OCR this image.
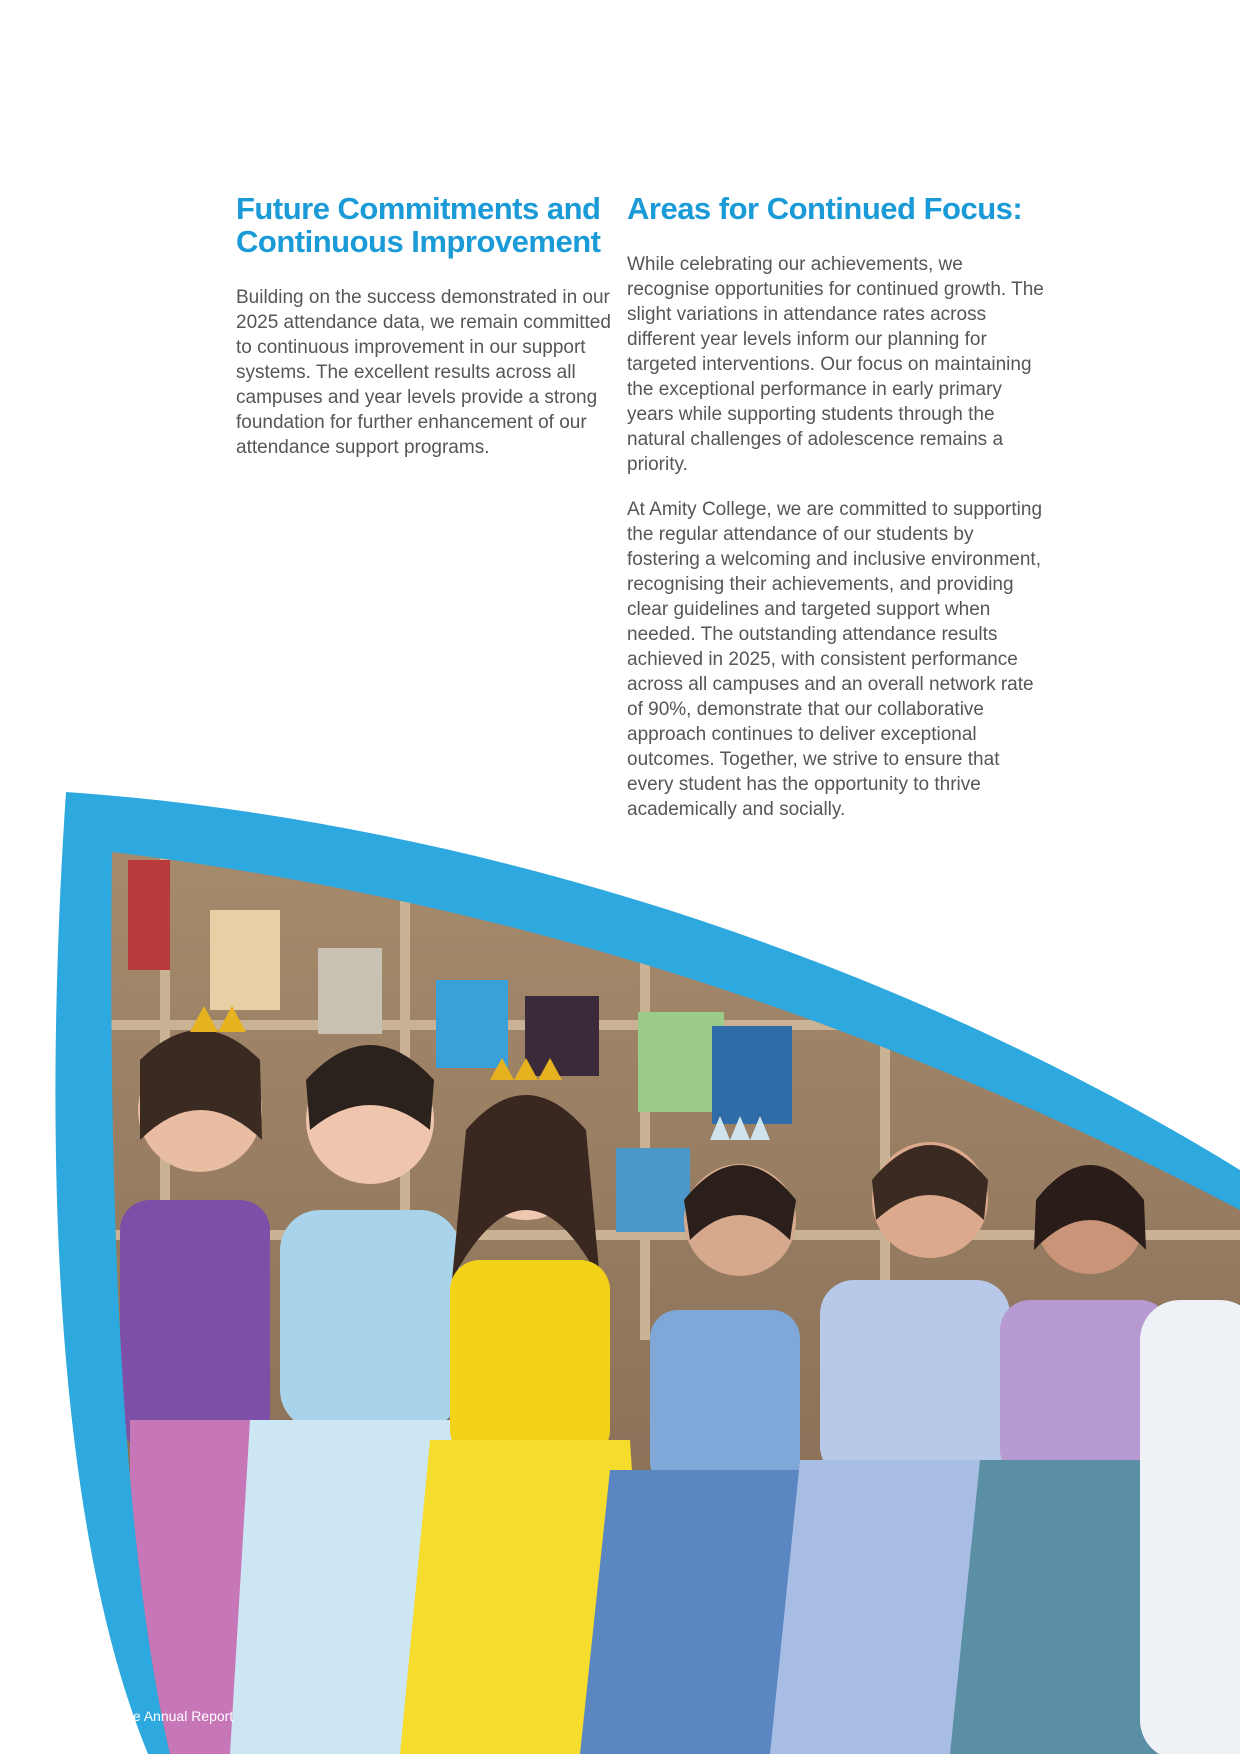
Future Commitments and Continuous Improvement

Building on the success demonstrated in our 2025 attendance data, we remain committed to continuous improvement in our support systems. The excellent results across all campuses and year levels provide a strong foundation for further enhancement of our attendance support programs.

Areas for Continued Focus:

While celebrating our achievements, we recognise opportunities for continued growth. The slight variations in attendance rates across different year levels inform our planning for targeted interventions. Our focus on maintaining the exceptional performance in early primary years while supporting students through the natural challenges of adolescence remains a priority.

At Amity College, we are committed to supporting the regular attendance of our students by fostering a welcoming and inclusive environment, recognising their achievements, and providing clear guidelines and targeted support when needed. The outstanding attendance results achieved in 2025, with consistent performance across all campuses and an overall network rate of 90%, demonstrate that our collaborative approach continues to deliver exceptional outcomes. Together, we strive to ensure that every student has the opportunity to thrive academically and socially.

22 | Amity College Annual Report
